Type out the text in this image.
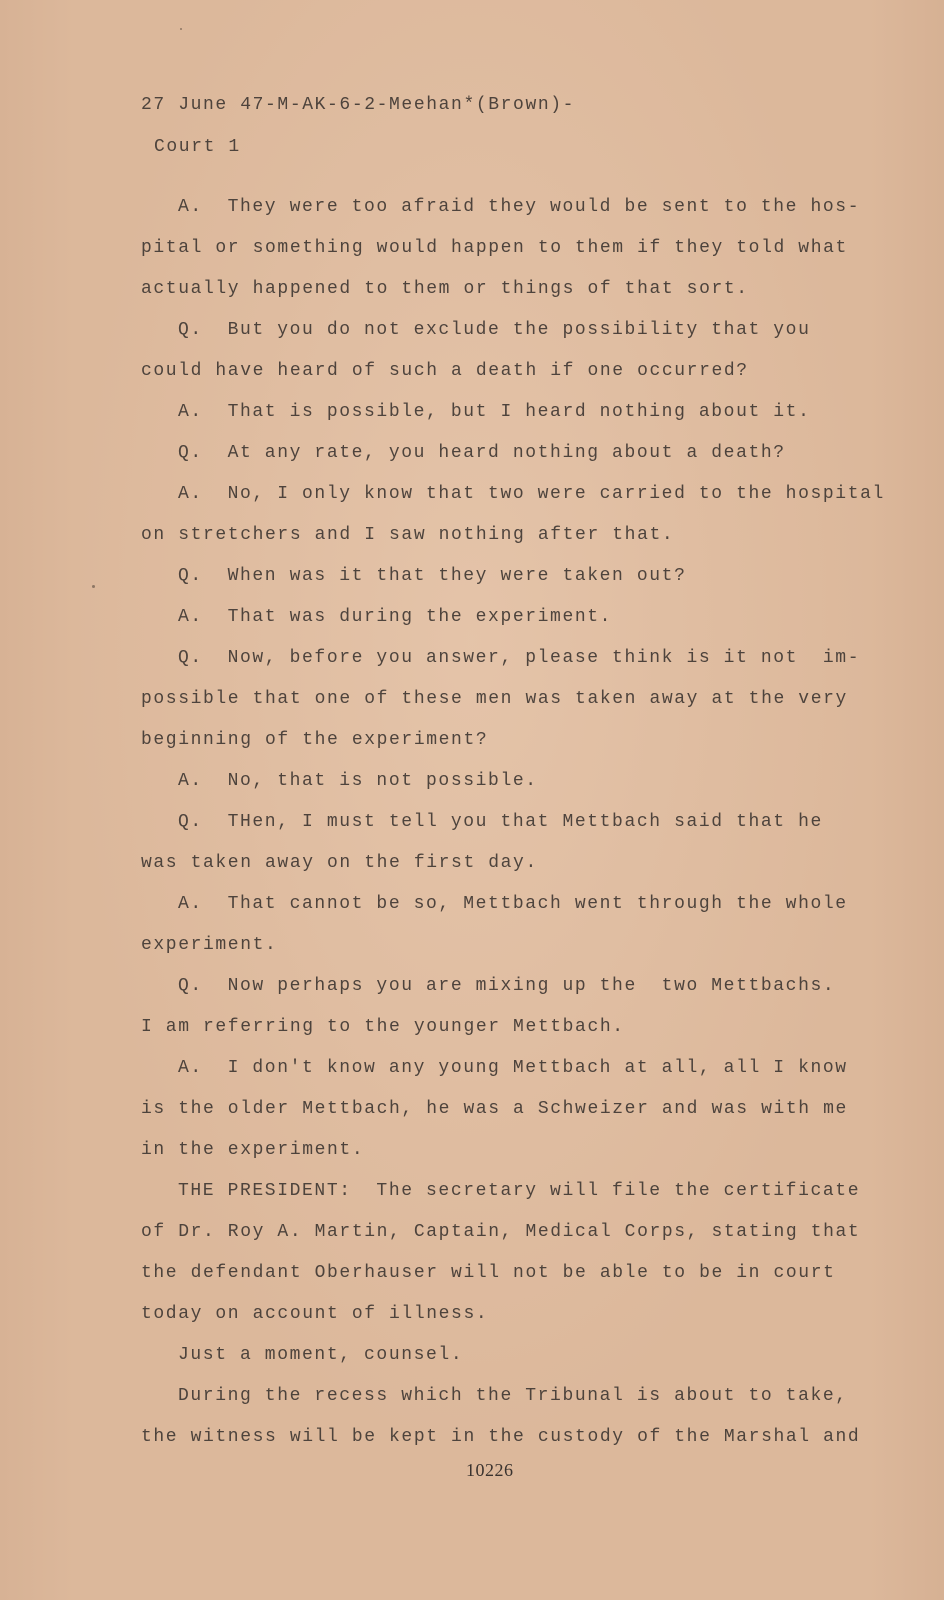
27 June 47-M-AK-6-2-Meehan*(Brown)-
Court 1
A.  They were too afraid they would be sent to the hos-
pital or something would happen to them if they told what
actually happened to them or things of that sort.
Q.  But you do not exclude the possibility that you
could have heard of such a death if one occurred?
A.  That is possible, but I heard nothing about it.
Q.  At any rate, you heard nothing about a death?
A.  No, I only know that two were carried to the hospital
on stretchers and I saw nothing after that.
Q.  When was it that they were taken out?
A.  That was during the experiment.
Q.  Now, before you answer, please think is it not  im-
possible that one of these men was taken away at the very
beginning of the experiment?
A.  No, that is not possible.
Q.  THen, I must tell you that Mettbach said that he
was taken away on the first day.
A.  That cannot be so, Mettbach went through the whole
experiment.
Q.  Now perhaps you are mixing up the  two Mettbachs.
I am referring to the younger Mettbach.
A.  I don't know any young Mettbach at all, all I know
is the older Mettbach, he was a Schweizer and was with me
in the experiment.
THE PRESIDENT:  The secretary will file the certificate
of Dr. Roy A. Martin, Captain, Medical Corps, stating that
the defendant Oberhauser will not be able to be in court
today on account of illness.
Just a moment, counsel.
During the recess which the Tribunal is about to take,
the witness will be kept in the custody of the Marshal and
10226
